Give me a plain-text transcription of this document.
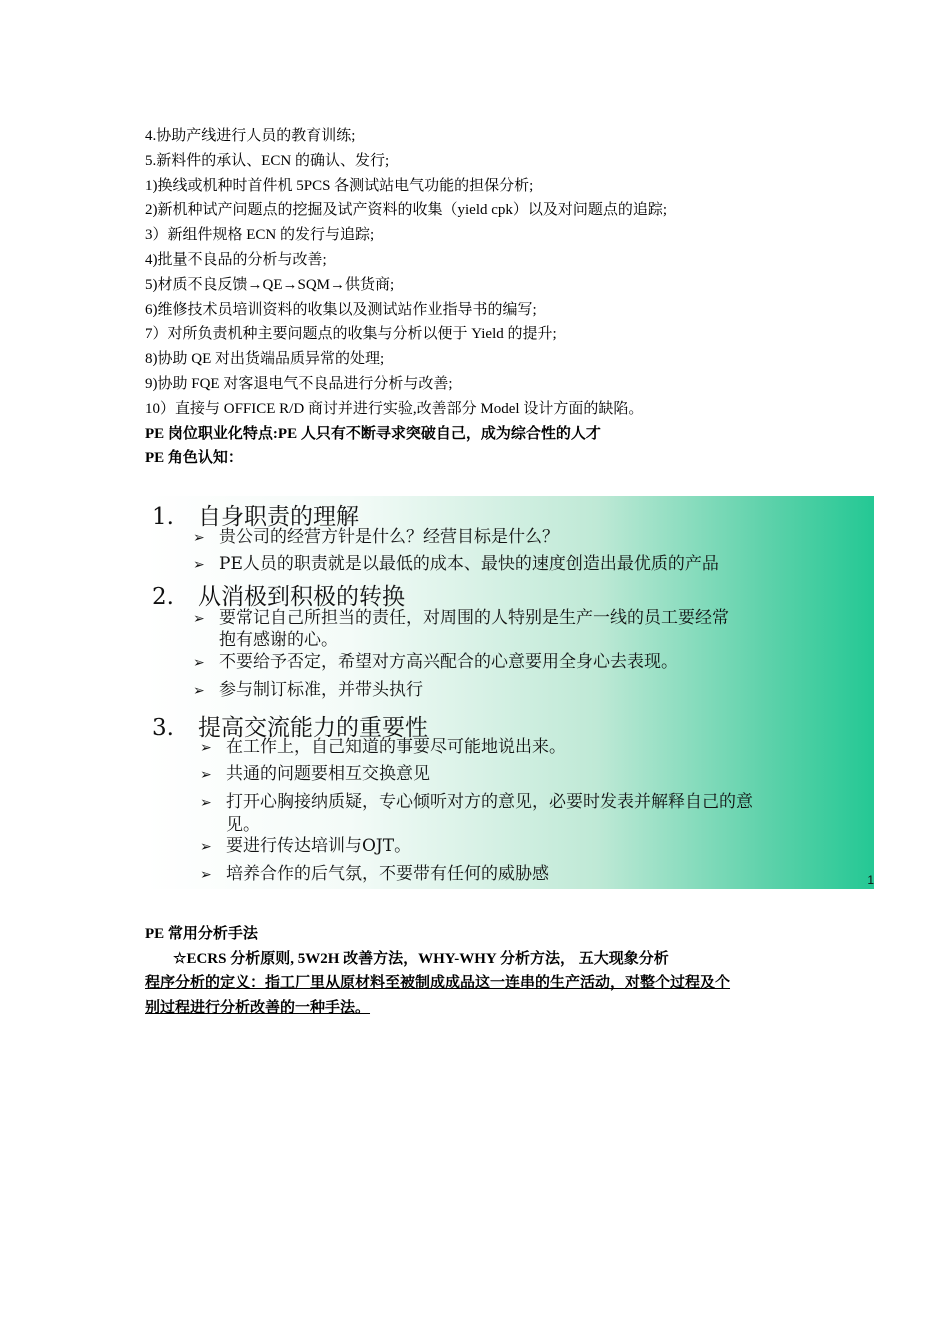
4.协助产线进行人员的教育训练;
5.新料件的承认、ECN 的确认、发行;
1)换线或机种时首件机 5PCS 各测试站电气功能的担保分析;
2)新机种试产问题点的挖掘及试产资料的收集（yield cpk）以及对问题点的追踪;
3）新组件规格 ECN 的发行与追踪;
4)批量不良品的分析与改善;
5)材质不良反馈→QE→SQM→供货商;
6)维修技术员培训资料的收集以及测试站作业指导书的编写;
7）对所负责机种主要问题点的收集与分析以便于 Yield 的提升;
8)协助 QE 对出货端品质异常的处理;
9)协助 FQE 对客退电气不良品进行分析与改善;
10）直接与 OFFICE R/D 商讨并进行实验,改善部分 Model 设计方面的缺陷。
PE 岗位职业化特点:PE 人只有不断寻求突破自己，成为综合性的人才
PE 角色认知：
1. 自身职责的理解
➢ 贵公司的经营方针是什么？经营目标是什么？
➢ PE人员的职责就是以最低的成本、最快的速度创造出最优质的产品
2. 从消极到积极的转换
➢ 要常记自己所担当的责任，对周围的人特别是生产一线的员工要经常
抱有感谢的心。
➢ 不要给予否定，希望对方高兴配合的心意要用全身心去表现。
➢ 参与制订标准，并带头执行
3. 提高交流能力的重要性
➢ 在工作上，自己知道的事要尽可能地说出来。
➢ 共通的问题要相互交换意见
➢ 打开心胸接纳质疑，专心倾听对方的意见，必要时发表并解释自己的意
见。
➢ 要进行传达培训与OJT。
➢ 培养合作的后气氛，不要带有任何的威胁感	1
PE 常用分析手法
☆ECRS 分析原则, 5W2H 改善方法，WHY-WHY 分析方法， 五大现象分析
程序分析的定义：指工厂里从原材料至被制成成品这一连串的生产活动，对整个过程及个
别过程进行分析改善的一种手法。
